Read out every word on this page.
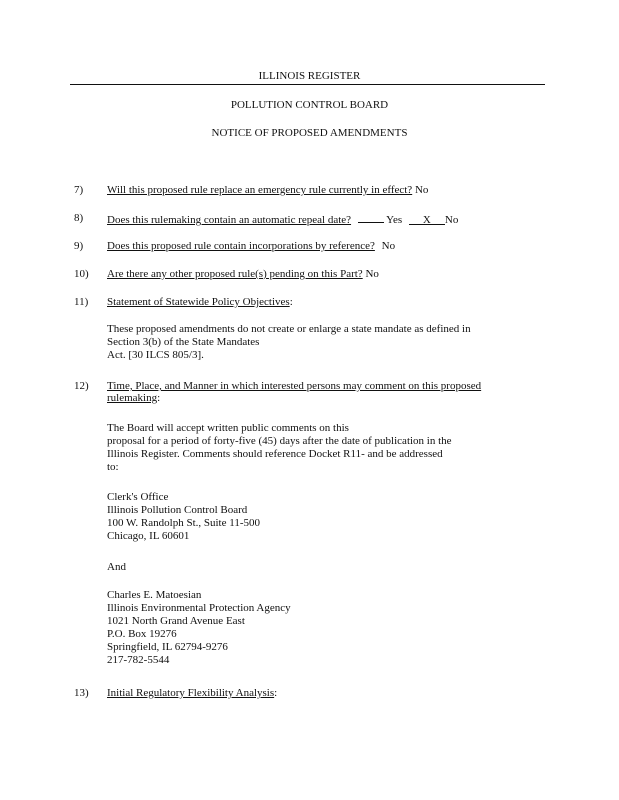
ILLINOIS REGISTER
POLLUTION CONTROL BOARD
NOTICE OF PROPOSED AMENDMENTS
7) Will this proposed rule replace an emergency rule currently in effect? No
8) Does this rulemaking contain an automatic repeal date?	Yes X No
9) Does this proposed rule contain incorporations by reference? No
10) Are there any other proposed rule(s) pending on this Part? No
11) Statement of Statewide Policy Objectives:
These proposed amendments do not create or enlarge a state mandate as defined in
Section 3(b) of the State Mandates
Act. [30 ILCS 805/3].
12) Time, Place, and Manner in which interested persons may comment on this proposed
rulemaking:
The Board will accept written public comments on this
proposal for a period of forty-five (45) days after the date of publication in the
Illinois Register. Comments should reference Docket R11- and be addressed
to:
Clerk's Office
Illinois Pollution Control Board
100 W. Randolph St., Suite 11-500
Chicago, IL 60601
And
Charles E. Matoesian
Illinois Environmental Protection Agency
1021 North Grand Avenue East
P.O. Box 19276
Springfield, IL 62794-9276
217-782-5544
13) Initial Regulatory Flexibility Analysis:
